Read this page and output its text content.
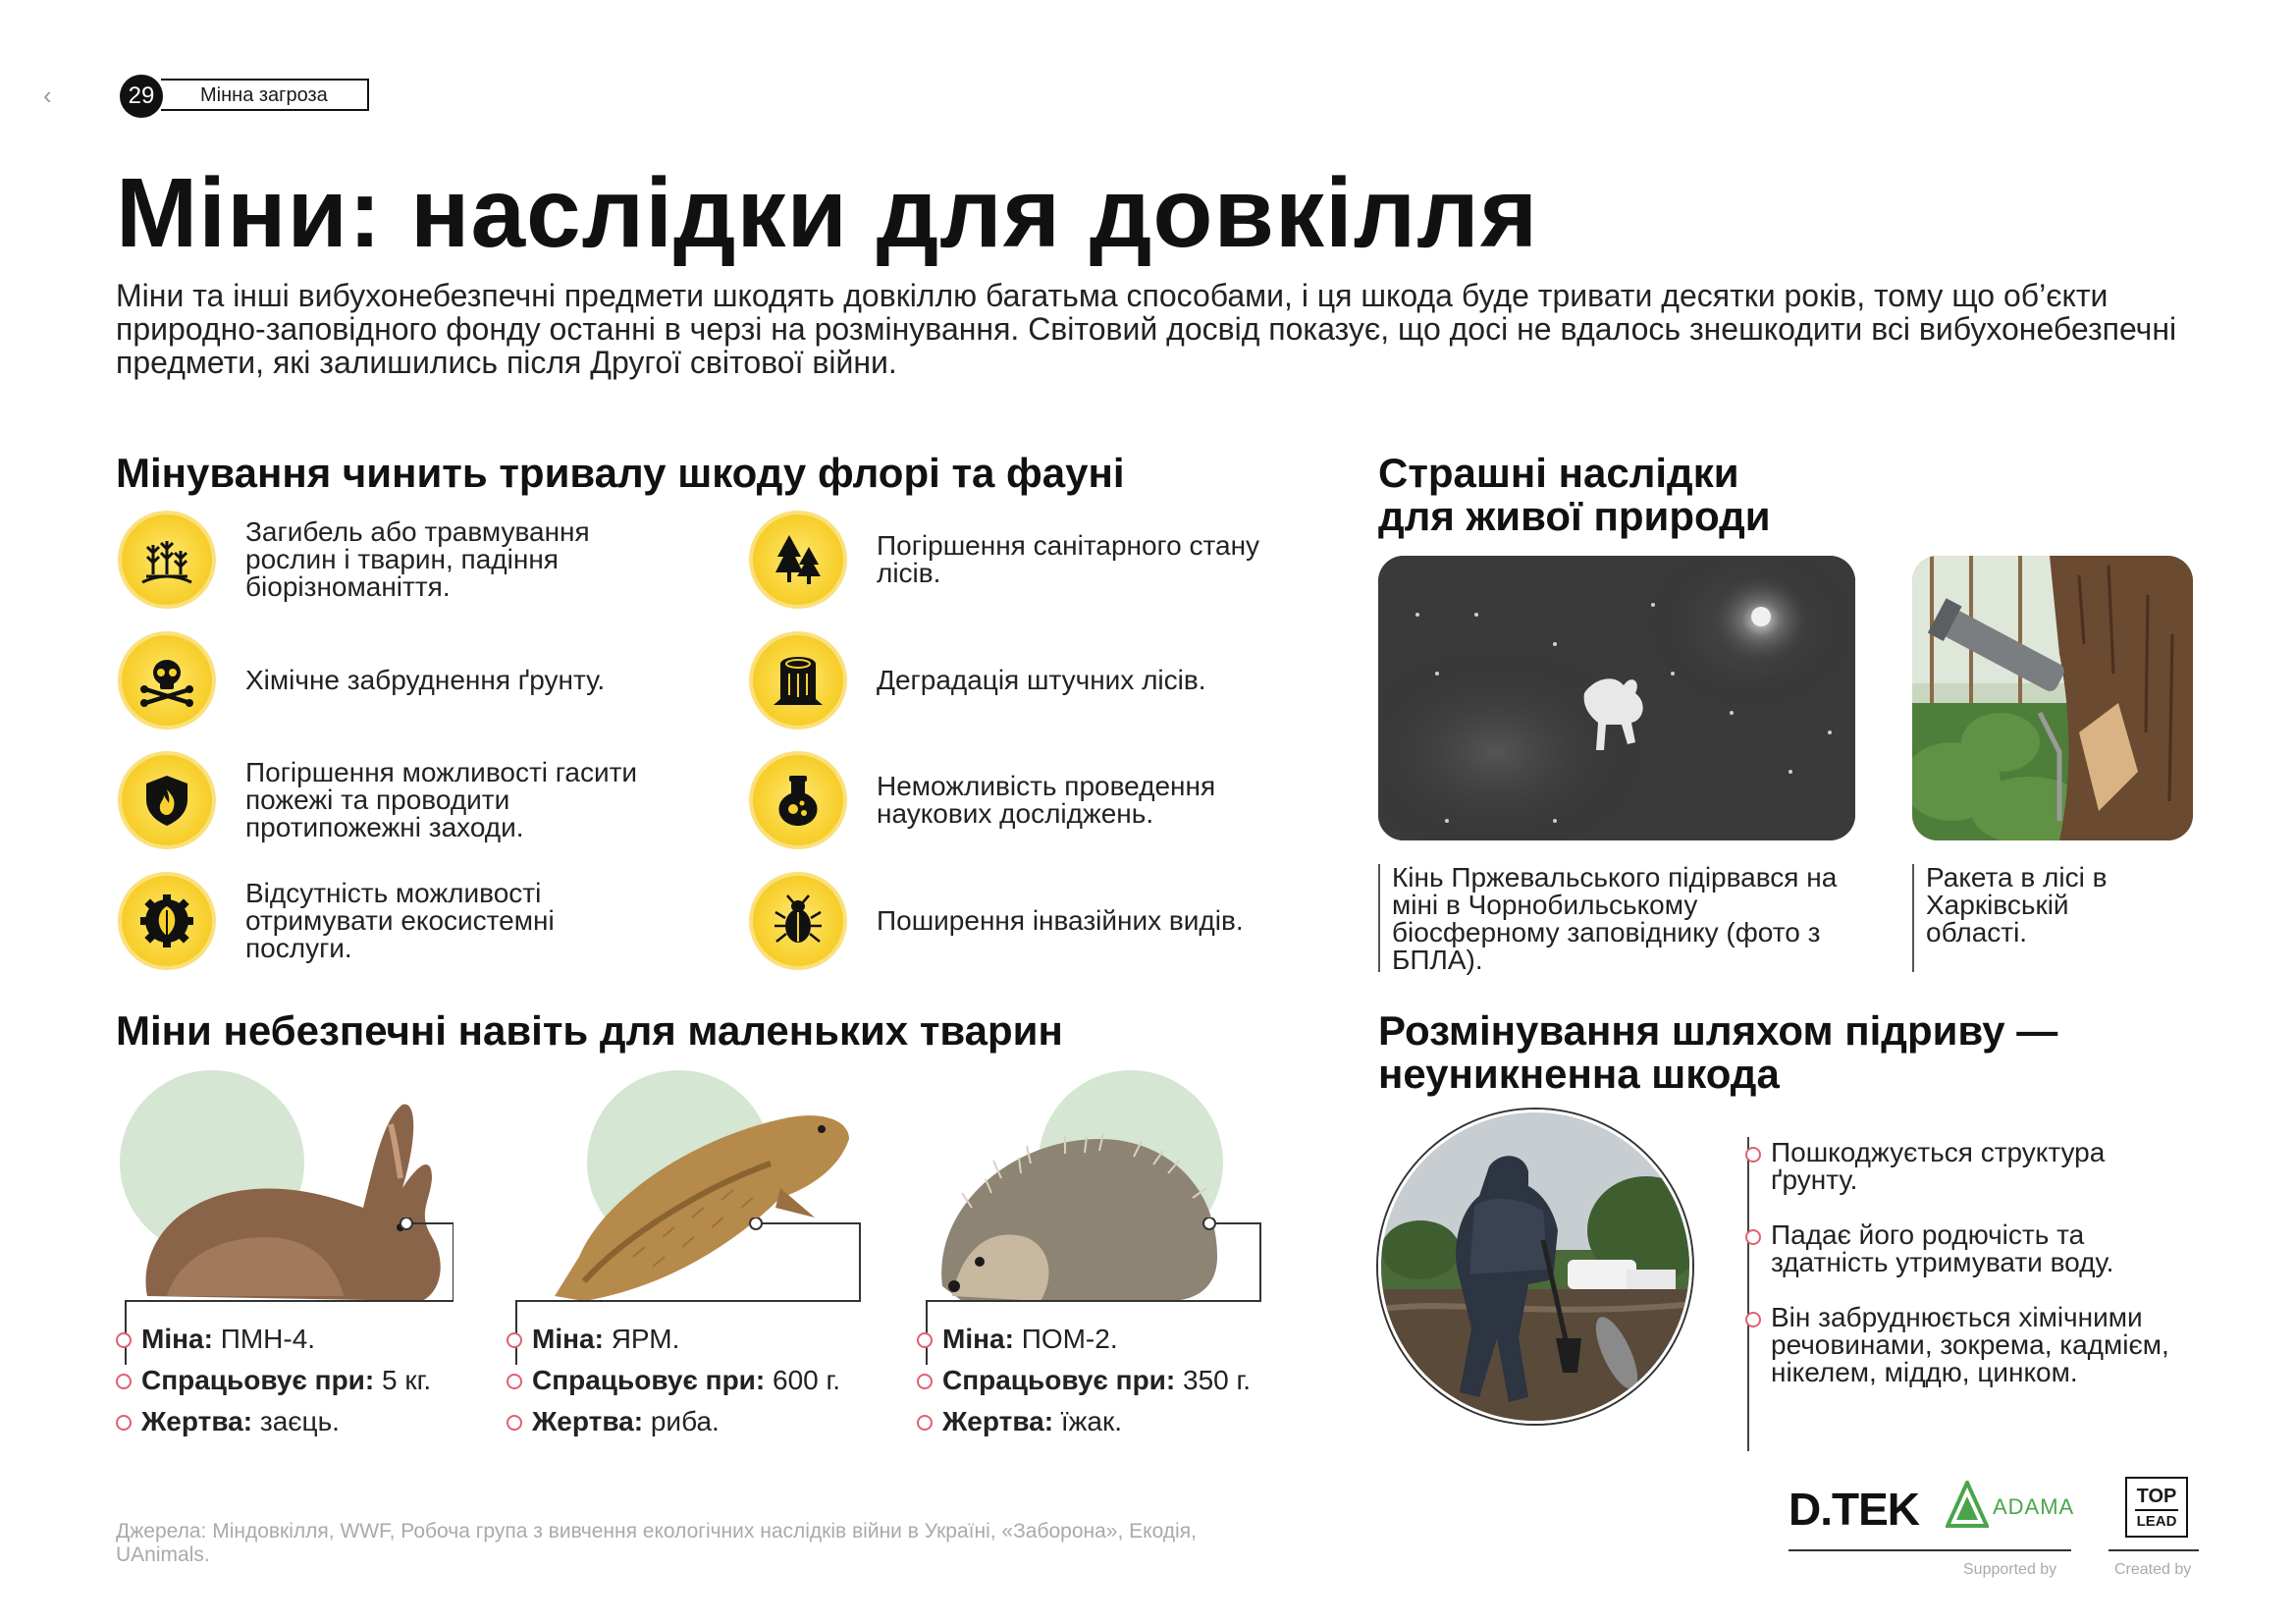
‹	Мінна загроза
29
Міни: наслідки для довкілля
Міни та інші вибухонебезпечні предмети шкодять довкіллю багатьма способами, і ця шкода буде тривати десятки років, тому що об’єкти природно-заповідного фонду останні в черзі на розмінування. Світовий досвід показує, що досі не вдалось знешкодити всі вибухонебезпечні предмети, які залишились після Другої світової війни.
Мінування чинить тривалу шкоду флорі та фауні
Загибель або травмування рослин і тварин, падіння біорізноманіття.
Хімічне забруднення ґрунту.
Погіршення можливості гасити пожежі та проводити протипожежні заходи.
Відсутність можливості отримувати екосистемні послуги.
Погіршення санітарного стану лісів.
Деградація штучних лісів.
Неможливість проведення наукових досліджень.
Поширення інвазійних видів.
Страшні наслідки
для живої природи
Кінь Пржевальського підірвався на міні в Чорнобильському біосферному заповіднику (фото з БПЛА).
Ракета в лісі в Харківській області.
Міни небезпечні навіть для маленьких тварин
Міна: ПМН-4.
Спрацьовує при: 5 кг.
Жертва: заєць.
Міна: ЯРМ.
Спрацьовує при: 600 г.
Жертва: риба.
Міна: ПОМ-2.
Спрацьовує при: 350 г.
Жертва: їжак.
Розмінування шляхом підриву —
неуникненна шкода
Пошкоджується структура ґрунту.
Падає його родючість та здатність утримувати воду.
Він забруднюється хімічними речовинами, зокрема, кадмієм, нікелем, міддю, цинком.
Джерела: Міндовкілля, WWF, Робоча група з вивчення екологічних наслідків війни в Україні, «Заборона», Екодія, UAnimals.
D.TEK	ADAMA
Supported by
TOP
LEAD
Created by
